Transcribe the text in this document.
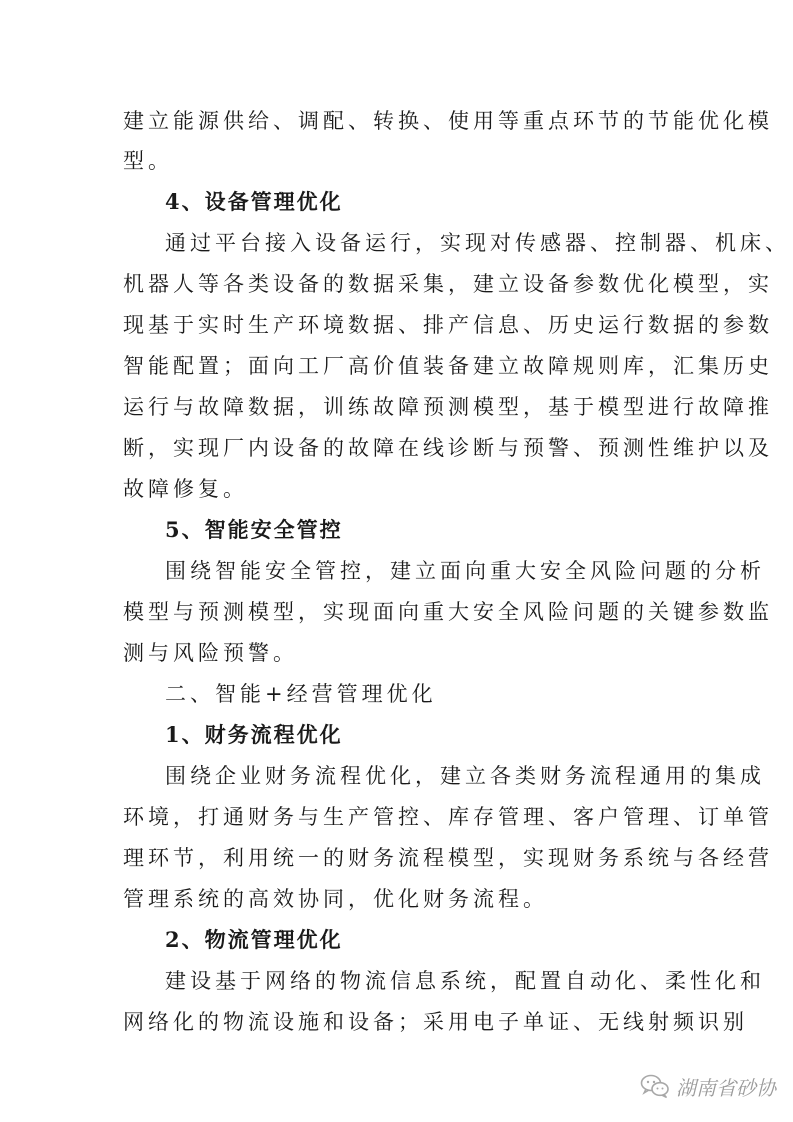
建立能源供给、调配、转换、使用等重点环节的节能优化模
型。
4、设备管理优化
通过平台接入设备运行，实现对传感器、控制器、机床、
机器人等各类设备的数据采集，建立设备参数优化模型，实
现基于实时生产环境数据、排产信息、历史运行数据的参数
智能配置；面向工厂高价值装备建立故障规则库，汇集历史
运行与故障数据，训练故障预测模型，基于模型进行故障推
断，实现厂内设备的故障在线诊断与预警、预测性维护以及
故障修复。
5、智能安全管控
围绕智能安全管控，建立面向重大安全风险问题的分析
模型与预测模型，实现面向重大安全风险问题的关键参数监
测与风险预警。
二、智能+经营管理优化
1、财务流程优化
围绕企业财务流程优化，建立各类财务流程通用的集成
环境，打通财务与生产管控、库存管理、客户管理、订单管
理环节，利用统一的财务流程模型，实现财务系统与各经营
管理系统的高效协同，优化财务流程。
2、物流管理优化
建设基于网络的物流信息系统，配置自动化、柔性化和
网络化的物流设施和设备；采用电子单证、无线射频识别
湖南省砂协
